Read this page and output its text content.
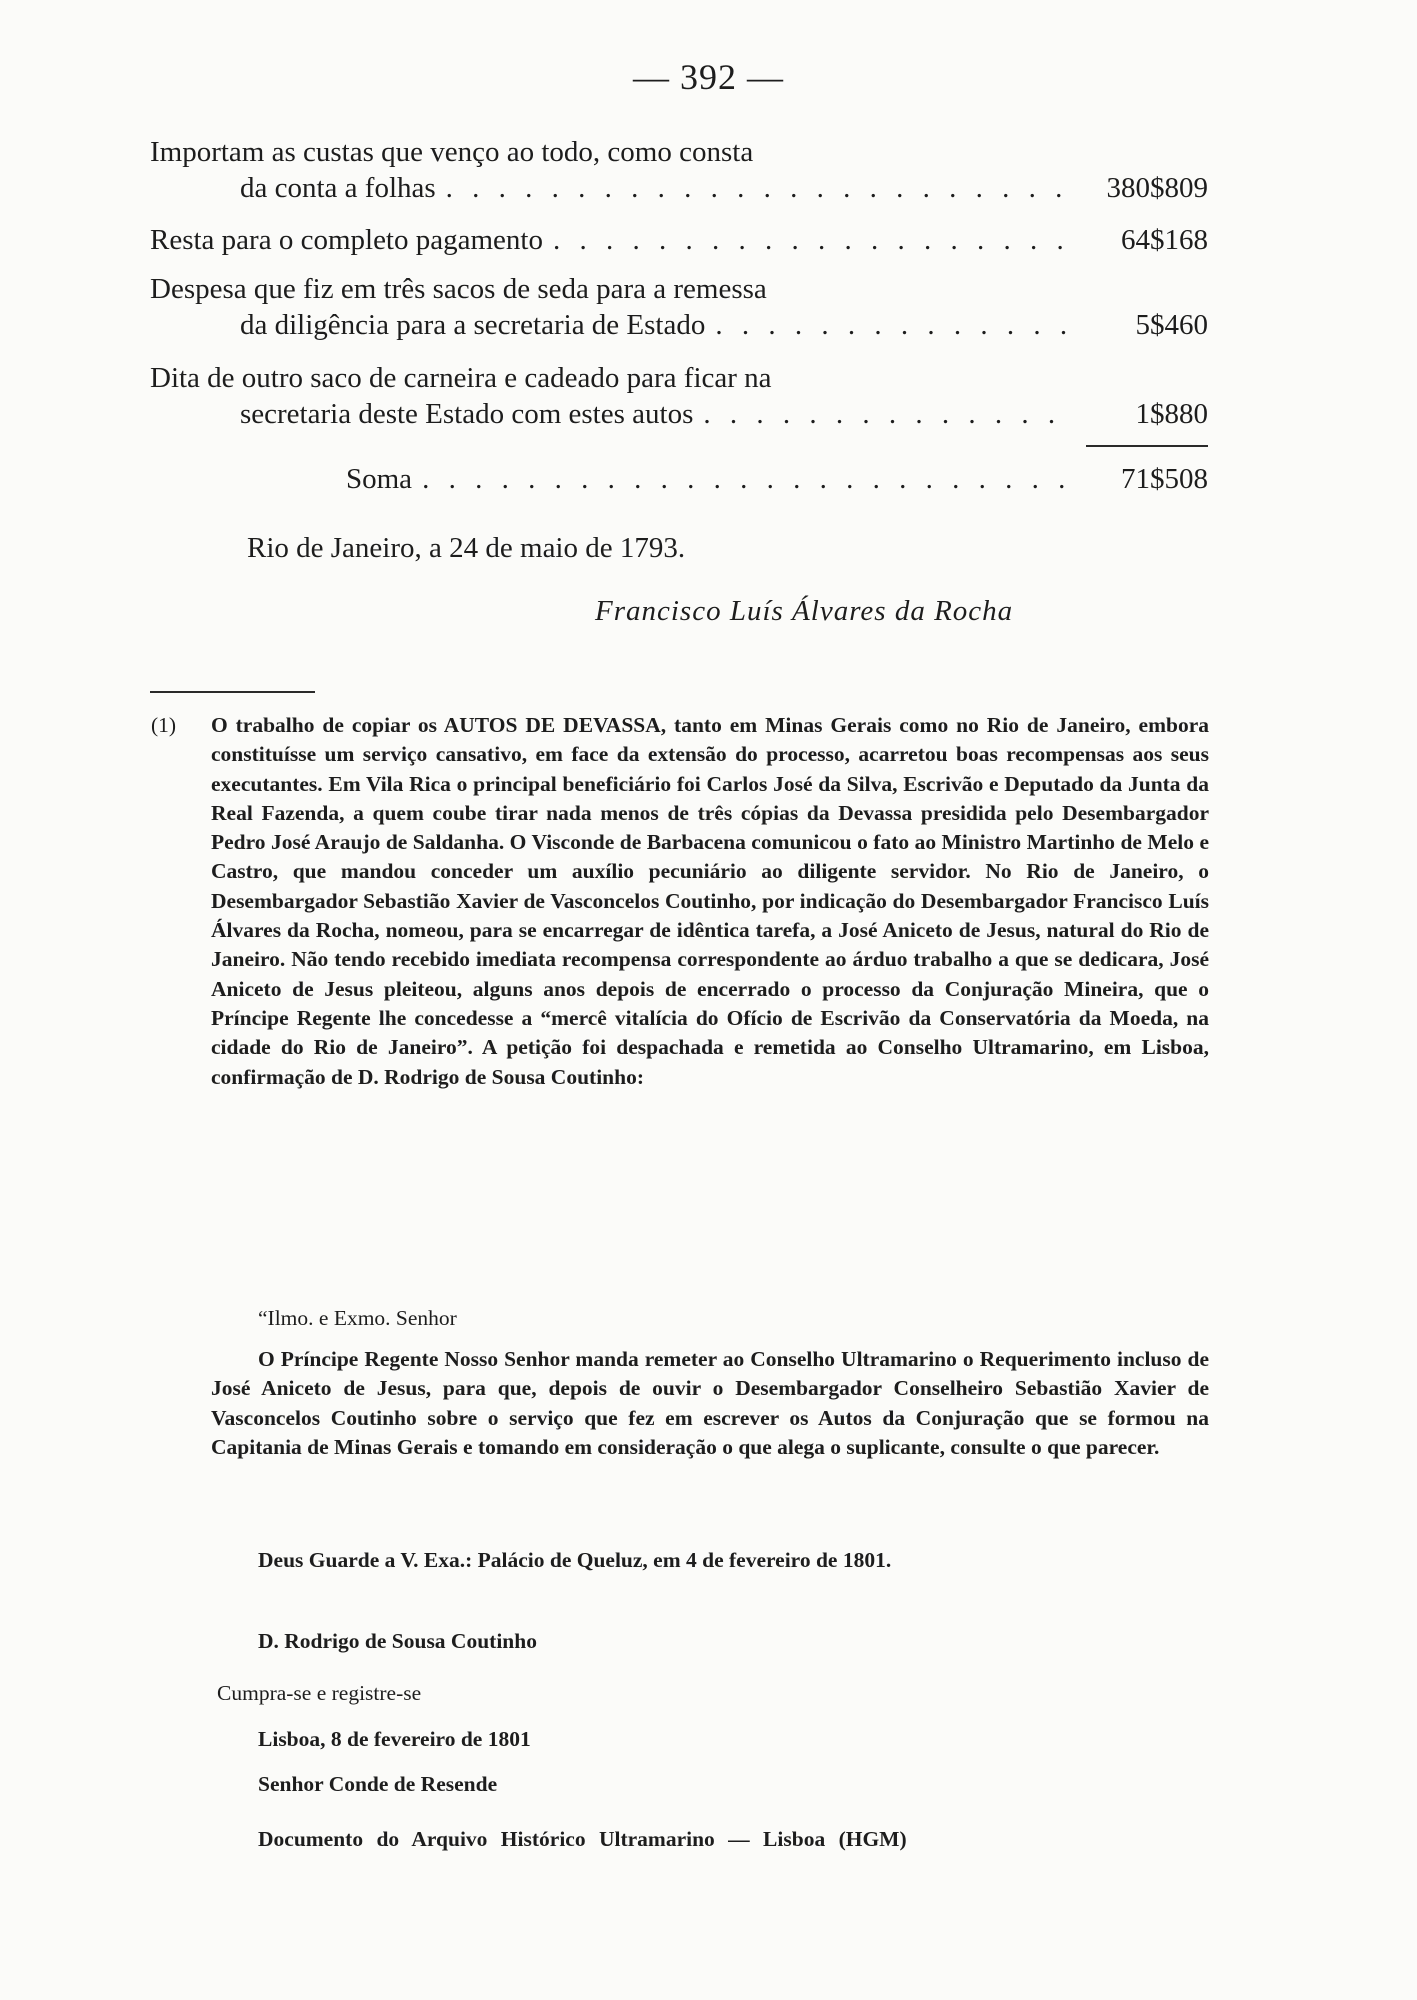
— 392 —
Importam as custas que venço ao todo, como consta
da conta a folhas . . .	380$809
Resta para o completo pagamento . . .	64$168
Despesa que fiz em três sacos de seda para a remessa
da diligência para a secretaria de Estado . . .	5$460
Dita de outro saco de carneira e cadeado para ficar na
secretaria deste Estado com estes autos . . .	1$880
Soma . . .	71$508
Rio de Janeiro, a 24 de maio de 1793.
Francisco Luís Álvares da Rocha
(1) O trabalho de copiar os AUTOS DE DEVASSA, tanto em Minas Gerais como no Rio de Janeiro, embora constituísse um serviço cansativo, em face da extensão do processo, acarretou boas recompensas aos seus executantes. Em Vila Rica o principal beneficiário foi Carlos José da Silva, Escrivão e Deputado da Junta da Real Fazenda, a quem coube tirar nada menos de três cópias da Devassa presidida pelo Desembargador Pedro José Araujo de Saldanha. O Visconde de Barbacena comunicou o fato ao Ministro Martinho de Melo e Castro, que mandou conceder um auxílio pecuniário ao diligente servidor. No Rio de Janeiro, o Desembargador Sebastião Xavier de Vasconcelos Coutinho, por indicação do Desembargador Francisco Luís Álvares da Rocha, nomeou, para se encarregar de idêntica tarefa, a José Aniceto de Jesus, natural do Rio de Janeiro. Não tendo recebido imediata recompensa correspondente ao árduo trabalho a que se dedicara, José Aniceto de Jesus pleiteou, alguns anos depois de encerrado o processo da Conjuração Mineira, que o Príncipe Regente lhe concedesse a “mercê vitalícia do Ofício de Escrivão da Conservatória da Moeda, na cidade do Rio de Janeiro”. A petição foi despachada e remetida ao Conselho Ultramarino, em Lisboa, confirmação de D. Rodrigo de Sousa Coutinho:
“Ilmo. e Exmo. Senhor
O Príncipe Regente Nosso Senhor manda remeter ao Conselho Ultramarino o Requerimento incluso de José Aniceto de Jesus, para que, depois de ouvir o Desembargador Conselheiro Sebastião Xavier de Vasconcelos Coutinho sobre o serviço que fez em escrever os Autos da Conjuração que se formou na Capitania de Minas Gerais e tomando em consideração o que alega o suplicante, consulte o que parecer.
Deus Guarde a V. Exa.: Palácio de Queluz, em 4 de fevereiro de 1801.
D. Rodrigo de Sousa Coutinho
Cumpra-se e registre-se
Lisboa, 8 de fevereiro de 1801
Senhor Conde de Resende
Documento do Arquivo Histórico Ultramarino — Lisboa (HGM)
